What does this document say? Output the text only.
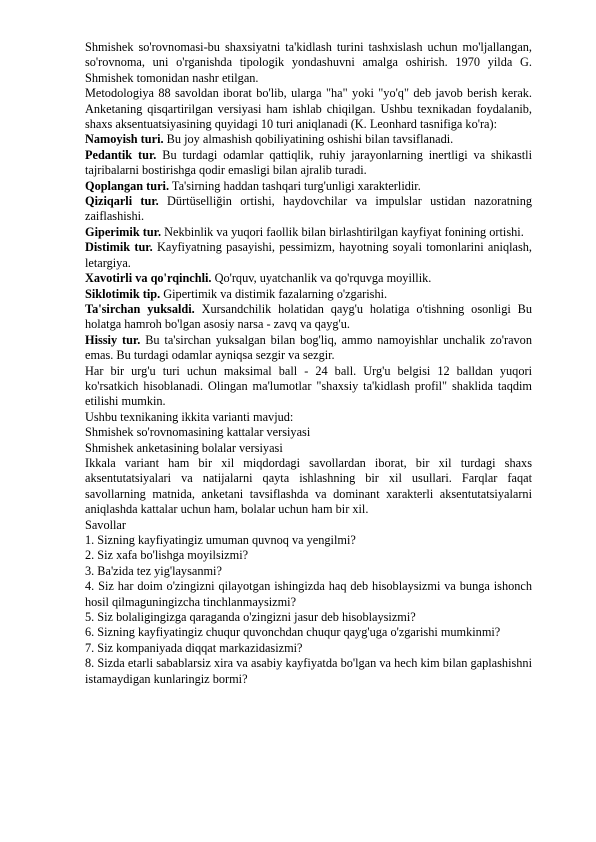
Shmishek so'rovnomasi-bu shaxsiyatni ta'kidlash turini tashxislash uchun mo'ljallangan, so'rovnoma, uni o'rganishda tipologik yondashuvni amalga oshirish. 1970 yilda G. Shmishek tomonidan nashr etilgan.

Metodologiya 88 savoldan iborat bo'lib, ularga "ha" yoki "yo'q" deb javob berish kerak. Anketaning qisqartirilgan versiyasi ham ishlab chiqilgan. Ushbu texnikadan foydalanib, shaxs aksentuatsiyasining quyidagi 10 turi aniqlanadi (K. Leonhard tasnifiga ko'ra):

Namoyish turi. Bu joy almashish qobiliyatining oshishi bilan tavsiflanadi.

Pedantik tur. Bu turdagi odamlar qattiqlik, ruhiy jarayonlarning inertligi va shikastli tajribalarni bostirishga qodir emasligi bilan ajralib turadi.

Qoplangan turi. Ta'sirning haddan tashqari turg'unligi xarakterlidir.

Qiziqarli tur. Dürtüselliğin ortishi, haydovchilar va impulslar ustidan nazoratning zaiflashishi.

Giperimik tur. Nekbinlik va yuqori faollik bilan birlashtirilgan kayfiyat fonining ortishi.

Distimik tur. Kayfiyatning pasayishi, pessimizm, hayotning soyali tomonlarini aniqlash, letargiya.

Xavotirli va qo'rqinchli. Qo'rquv, uyatchanlik va qo'rquvga moyillik.

Siklotimik tip. Gipertimik va distimik fazalarning o'zgarishi.

Ta'sirchan yuksaldi. Xursandchilik holatidan qayg'u holatiga o'tishning osonligi Bu holatga hamroh bo'lgan asosiy narsa - zavq va qayg'u.

Hissiy tur. Bu ta'sirchan yuksalgan bilan bog'liq, ammo namoyishlar unchalik zo'ravon emas. Bu turdagi odamlar ayniqsa sezgir va sezgir.

Har bir urg'u turi uchun maksimal ball - 24 ball. Urg'u belgisi 12 balldan yuqori ko'rsatkich hisoblanadi. Olingan ma'lumotlar "shaxsiy ta'kidlash profil" shaklida taqdim etilishi mumkin.

Ushbu texnikaning ikkita varianti mavjud:

Shmishek so'rovnomasining kattalar versiyasi

Shmishek anketasining bolalar versiyasi

Ikkala variant ham bir xil miqdordagi savollardan iborat, bir xil turdagi shaxs aksentutatsiyalari va natijalarni qayta ishlashning bir xil usullari. Farqlar faqat savollarning matnida, anketani tavsiflashda va dominant xarakterli aksentutatsiyalarni aniqlashda kattalar uchun ham, bolalar uchun ham bir xil.

Savollar

1. Sizning kayfiyatingiz umuman quvnoq va yengilmi?

2. Siz xafa bo'lishga moyilsizmi?

3. Ba'zida tez yig'laysanmi?

4. Siz har doim o'zingizni qilayotgan ishingizda haq deb hisoblaysizmi va bunga ishonch hosil qilmaguningizcha tinchlanmaysizmi?

5. Siz bolaligingizga qaraganda o'zingizni jasur deb hisoblaysizmi?

6. Sizning kayfiyatingiz chuqur quvonchdan chuqur qayg'uga o'zgarishi mumkinmi?

7. Siz kompaniyada diqqat markazidasizmi?

8. Sizda etarli sabablarsiz xira va asabiy kayfiyatda bo'lgan va hech kim bilan gaplashishni istamaydigan kunlaringiz bormi?
